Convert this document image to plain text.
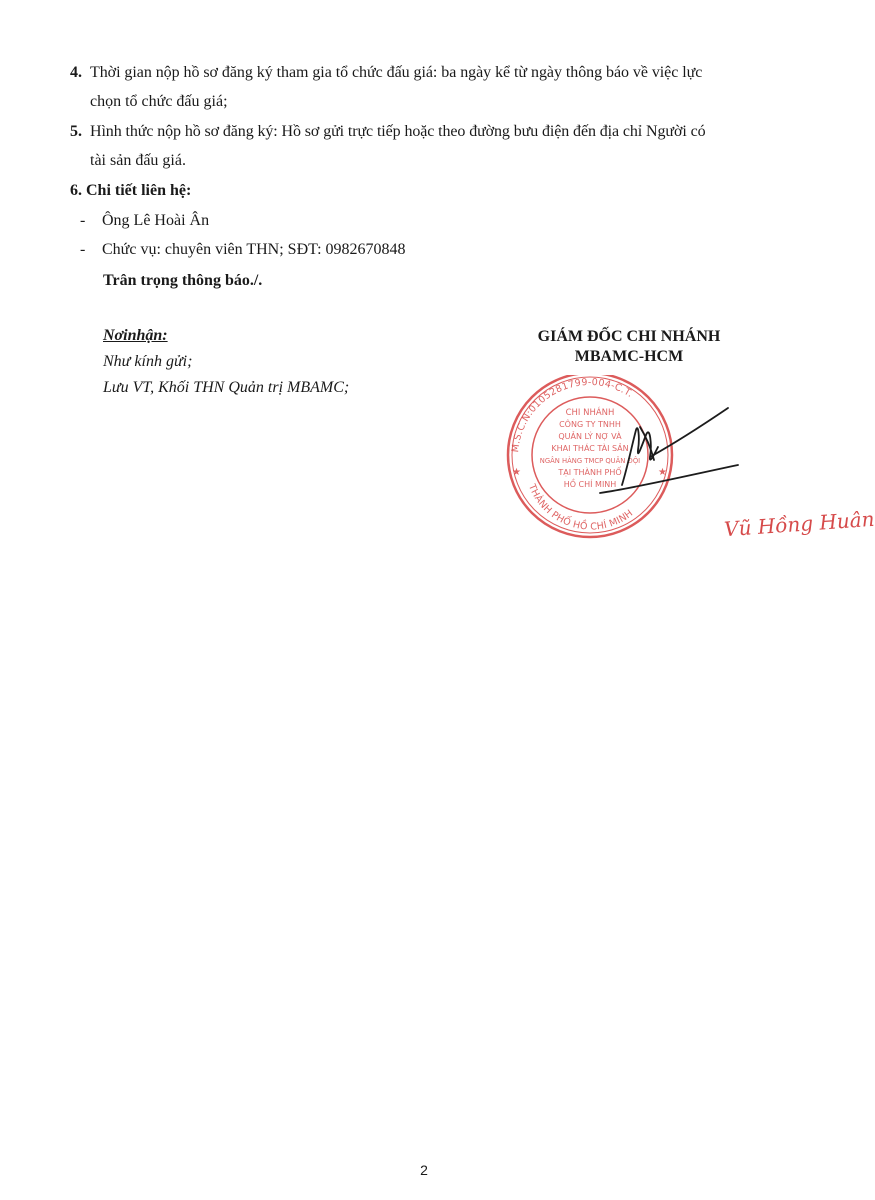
4. Thời gian nộp hồ sơ đăng ký tham gia tổ chức đấu giá: ba ngày kể từ ngày thông báo về việc lực
chọn tổ chức đấu giá;
5. Hình thức nộp hồ sơ đăng ký: Hồ sơ gửi trực tiếp hoặc theo đường bưu điện đến địa chỉ Người có
tài sản đấu giá.
6. Chi tiết liên hệ:
- Ông Lê Hoài Ân
- Chức vụ: chuyên viên THN; SĐT: 0982670848
Trân trọng thông báo./.
Nơinhận:
Như kính gửi;
Lưu VT, Khối THN Quản trị MBAMC;
GIÁM ĐỐC CHI NHÁNH
MBAMC-HCM
M.S.C.N:0105281799-004-C.T.
THÀNH PHỐ HỒ CHÍ MINH
★	★
CHI NHÁNH
CÔNG TY TNHH
QUẢN LÝ NỢ VÀ
KHAI THÁC TÀI SẢN
NGÂN HÀNG TMCP QUÂN ĐỘI
TẠI THÀNH PHỐ
HỒ CHÍ MINH
Vũ Hồng Huân
2
